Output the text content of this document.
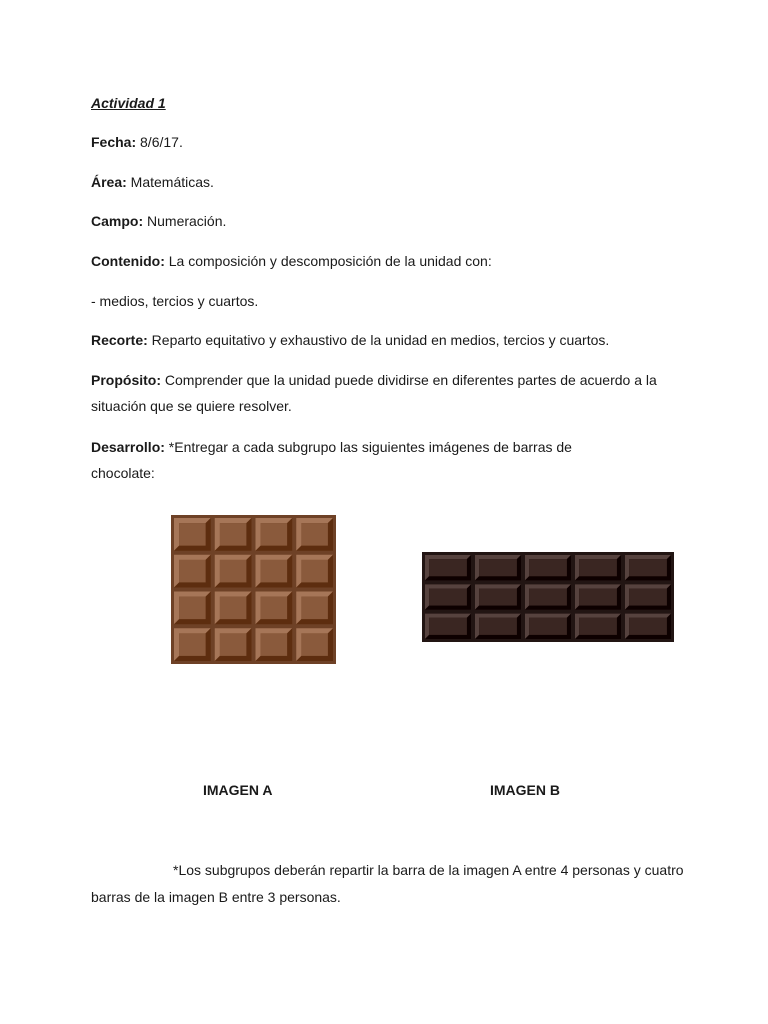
Actividad 1
Fecha: 8/6/17.
Área: Matemáticas.
Campo: Numeración.
Contenido: La composición y descomposición de la unidad con:
- medios, tercios y cuartos.
Recorte: Reparto equitativo y exhaustivo de la unidad en medios, tercios y cuartos.
Propósito: Comprender que la unidad puede dividirse en diferentes partes de acuerdo a la situación que se quiere resolver.
Desarrollo: *Entregar a cada subgrupo las siguientes imágenes de barras de chocolate:
IMAGEN A	IMAGEN B
*Los subgrupos deberán repartir la barra de la imagen A entre 4 personas y cuatro barras de la imagen B entre 3 personas.
